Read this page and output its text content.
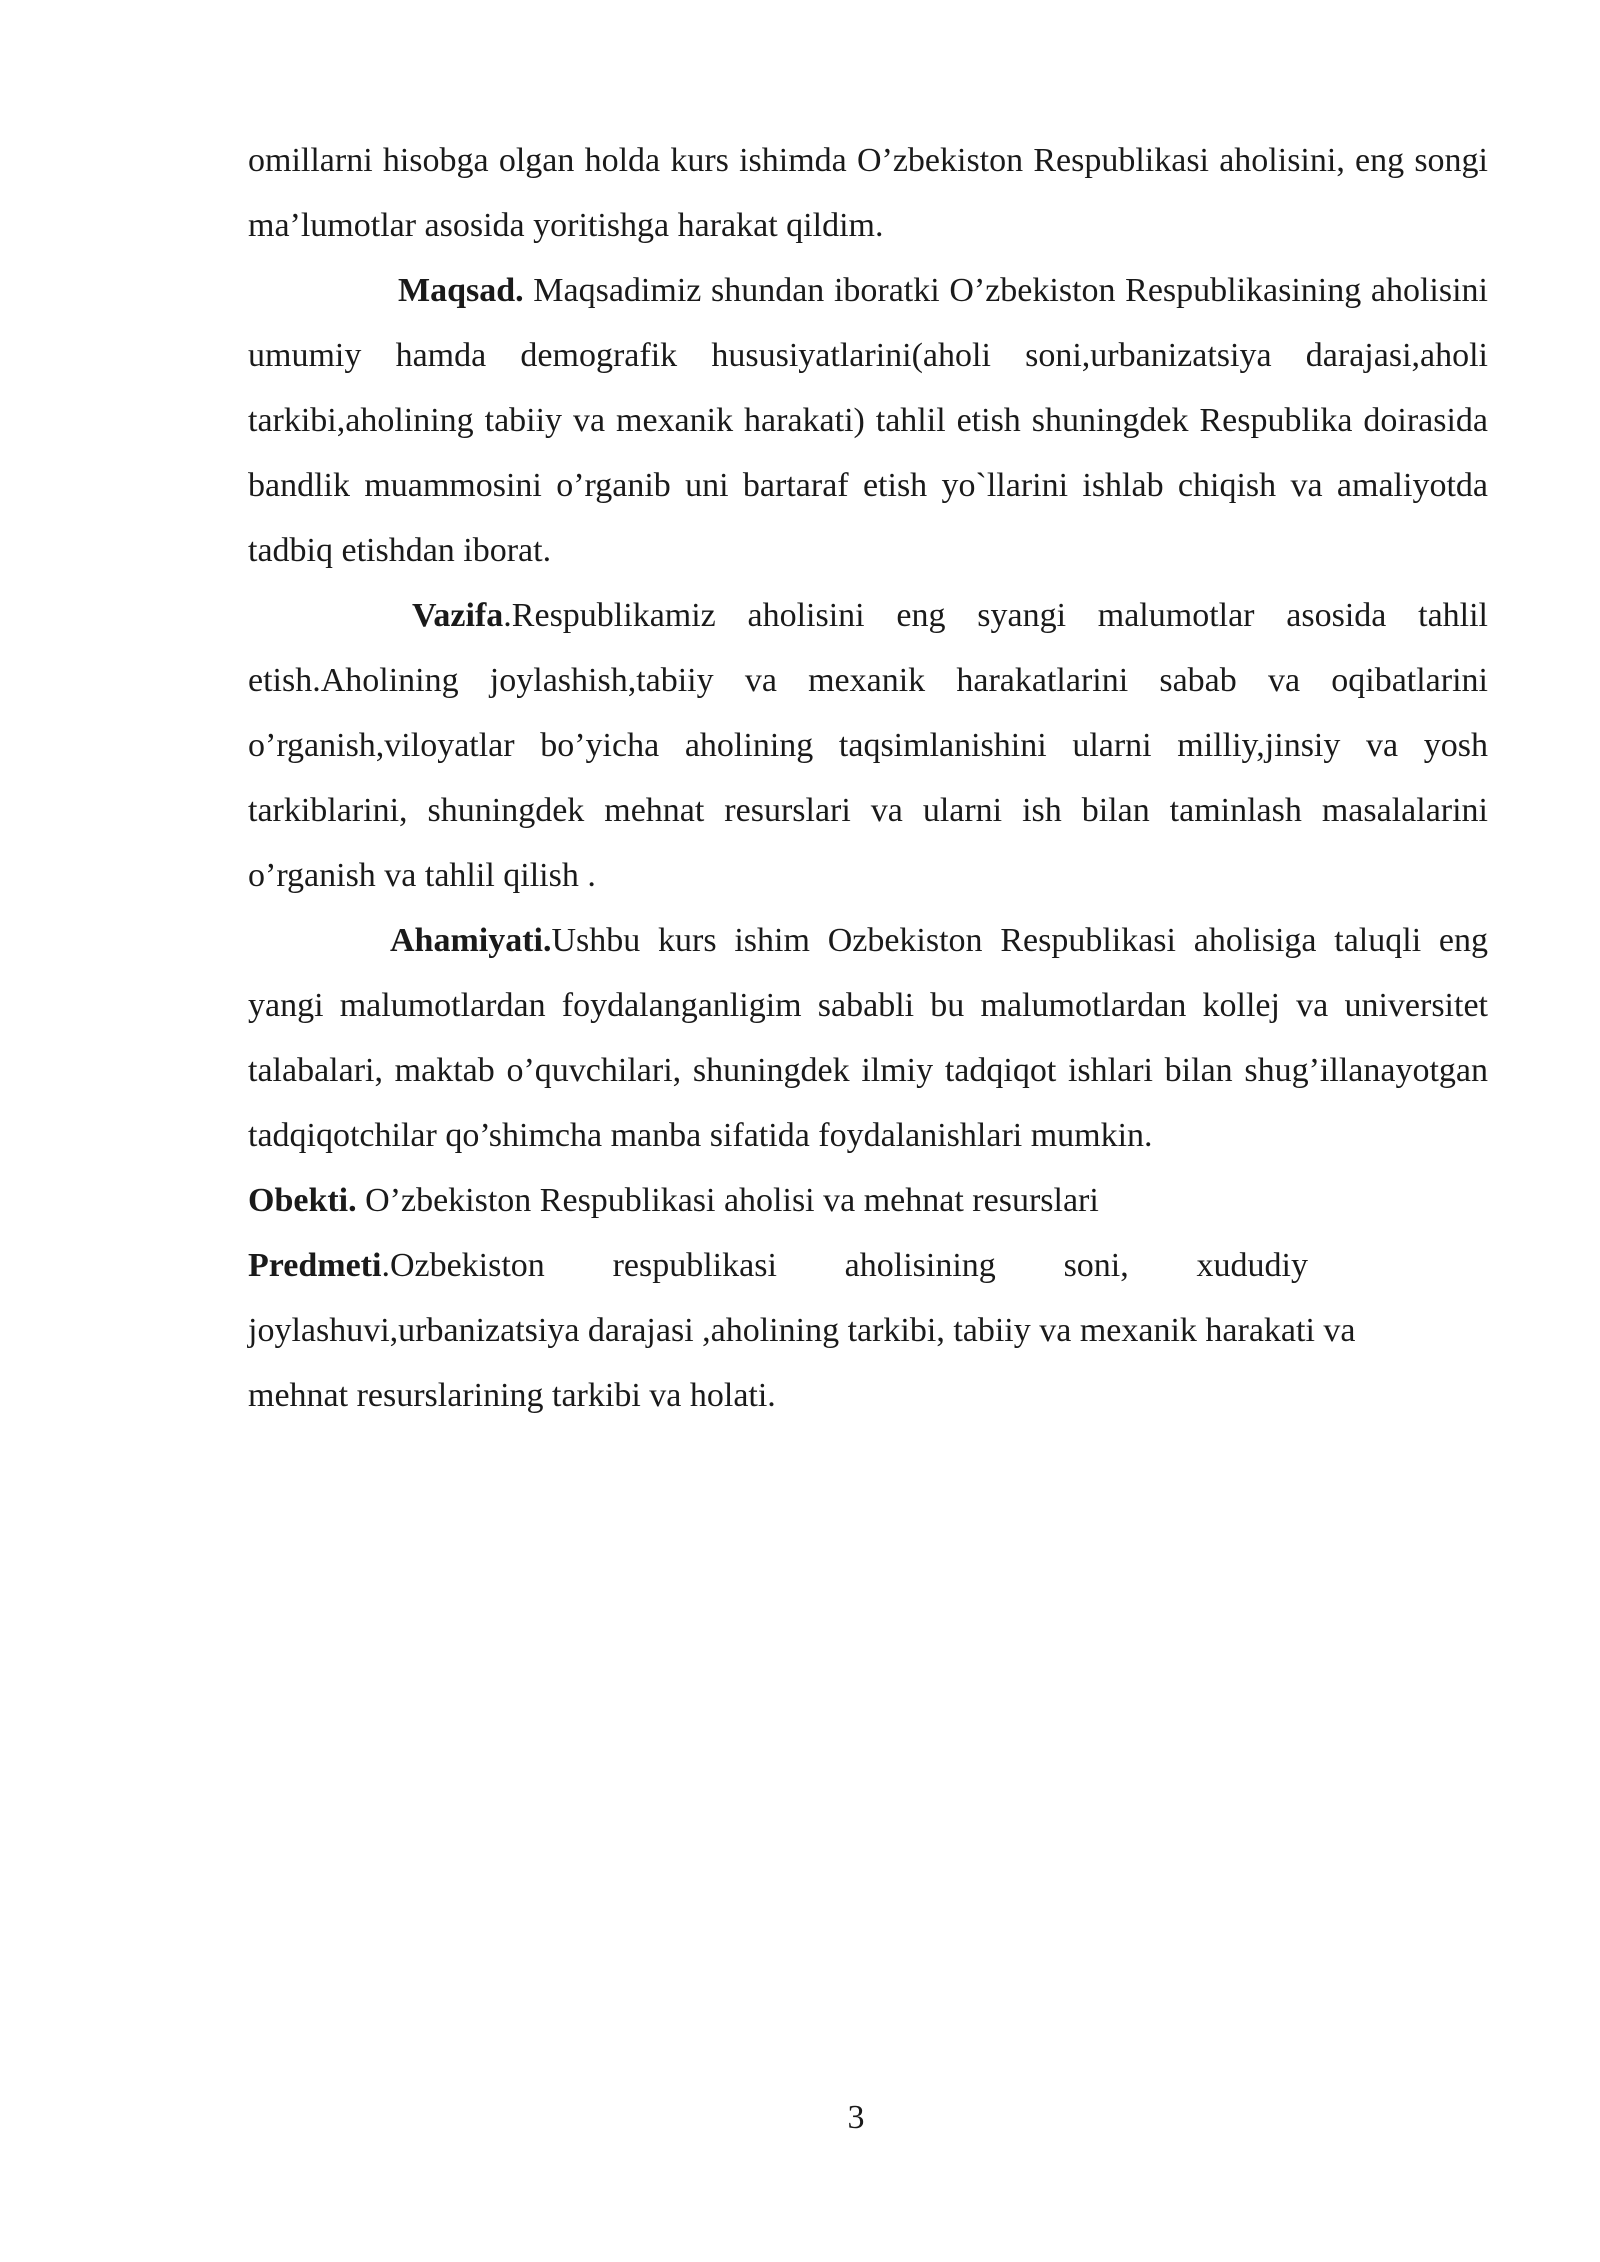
omillarni hisobga olgan holda kurs ishimda O’zbekiston Respublikasi aholisini, eng songi ma’lumotlar asosida yoritishga harakat qildim.

Maqsad. Maqsadimiz shundan iboratki O’zbekiston Respublikasining aholisini umumiy hamda demografik hususiyatlarini(aholi soni,urbanizatsiya darajasi,aholi tarkibi,aholining tabiiy va mexanik harakati) tahlil etish shuningdek Respublika doirasida bandlik muammosini o’rganib uni bartaraf etish yo`llarini ishlab chiqish va amaliyotda tadbiq etishdan iborat.

Vazifa.Respublikamiz aholisini eng syangi malumotlar asosida tahlil etish.Aholining joylashish,tabiiy va mexanik harakatlarini sabab va oqibatlarini o’rganish,viloyatlar bo’yicha aholining taqsimlanishini ularni milliy,jinsiy va yosh tarkiblarini, shuningdek mehnat resurslari va ularni ish bilan taminlash masalalarini o’rganish va tahlil qilish .

Ahamiyati.Ushbu kurs ishim Ozbekiston Respublikasi aholisiga taluqli eng yangi malumotlardan foydalanganligim sababli bu malumotlardan kollej va universitet talabalari, maktab o’quvchilari, shuningdek ilmiy tadqiqot ishlari bilan shug’illanayotgan tadqiqotchilar qo’shimcha manba sifatida foydalanishlari mumkin.

Obekti. O’zbekiston Respublikasi aholisi va mehnat resurslari

Predmeti.Ozbekiston respublikasi aholisining soni, xududiy
joylashuvi,urbanizatsiya darajasi ,aholining tarkibi, tabiiy va mexanik harakati va
mehnat resurslarining tarkibi va holati.
3
